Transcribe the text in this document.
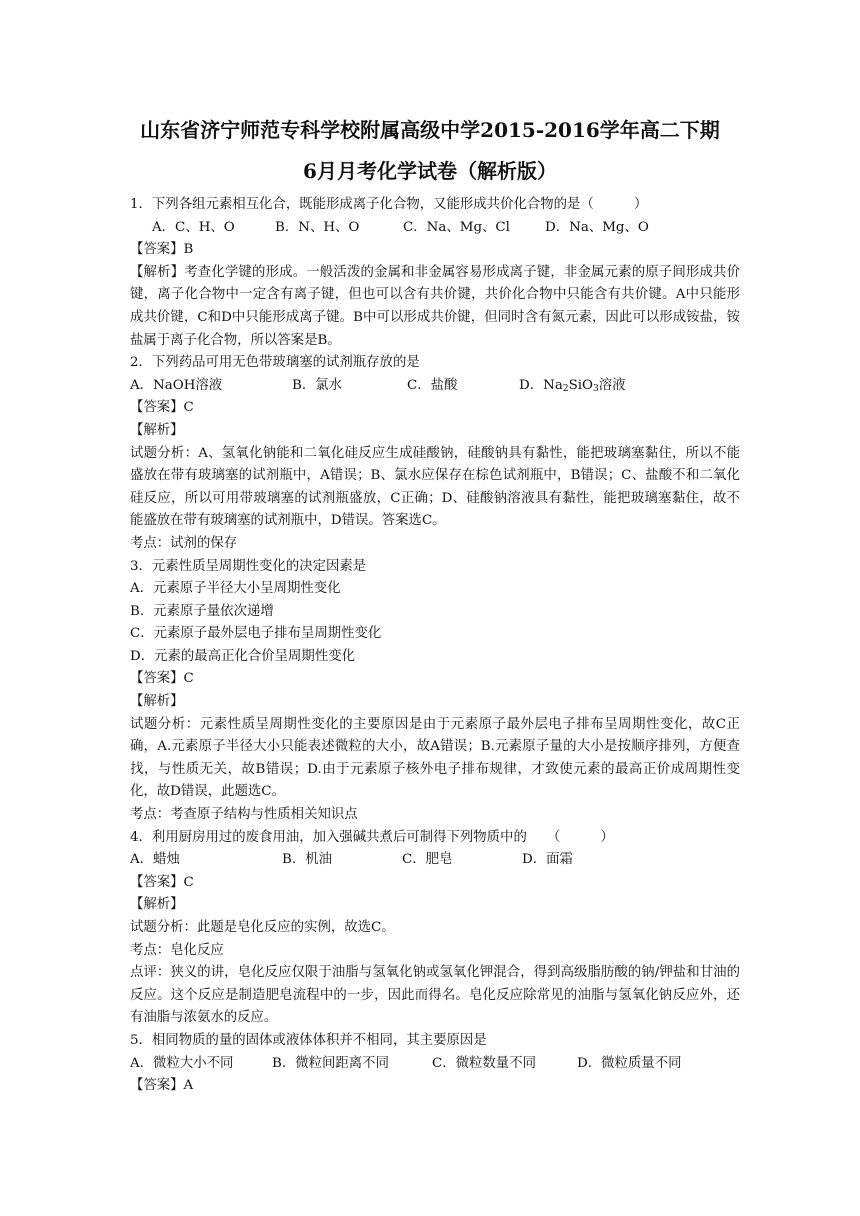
山东省济宁师范专科学校附属高级中学2015-2016学年高二下期
6月月考化学试卷（解析版）
1．下列各组元素相互化合，既能形成离子化合物，又能形成共价化合物的是（　　　）
A．C、H、O	B．N、H、O	C．Na、Mg、Cl	D．Na、Mg、O
【答案】B
【解析】考查化学键的形成。一般活泼的金属和非金属容易形成离子键，非金属元素的原子间形成共价键，离子化合物中一定含有离子键，但也可以含有共价键，共价化合物中只能含有共价键。A中只能形成共价键，C和D中只能形成离子键。B中可以形成共价键，但同时含有氮元素，因此可以形成铵盐，铵盐属于离子化合物，所以答案是B。
2．下列药品可用无色带玻璃塞的试剂瓶存放的是
A．NaOH溶液	B．氯水	C．盐酸	D．$Na_2SiO_3$溶液
【答案】C
【解析】
试题分析：A、氢氧化钠能和二氧化硅反应生成硅酸钠，硅酸钠具有黏性，能把玻璃塞黏住，所以不能盛放在带有玻璃塞的试剂瓶中，A错误；B、氯水应保存在棕色试剂瓶中，B错误；C、盐酸不和二氧化硅反应，所以可用带玻璃塞的试剂瓶盛放，C正确；D、硅酸钠溶液具有黏性，能把玻璃塞黏住，故不能盛放在带有玻璃塞的试剂瓶中，D错误。答案选C。
考点：试剂的保存
3．元素性质呈周期性变化的决定因素是
A．元素原子半径大小呈周期性变化
B．元素原子量依次递增
C．元素原子最外层电子排布呈周期性变化
D．元素的最高正化合价呈周期性变化
【答案】C
【解析】
试题分析：元素性质呈周期性变化的主要原因是由于元素原子最外层电子排布呈周期性变化，故C正确，A.元素原子半径大小只能表述微粒的大小，故A错误；B.元素原子量的大小是按顺序排列，方便查找，与性质无关，故B错误；D.由于元素原子核外电子排布规律，才致使元素的最高正价成周期性变化，故D错误，此题选C。
考点：考查原子结构与性质相关知识点
4．利用厨房用过的废食用油，加入强碱共煮后可制得下列物质中的　　（　　　）
A．蜡烛	B．机油	C．肥皂	D．面霜
【答案】C
【解析】
试题分析：此题是皂化反应的实例，故选C。
考点：皂化反应
点评：狭义的讲，皂化反应仅限于油脂与氢氧化钠或氢氧化钾混合，得到高级脂肪酸的钠/钾盐和甘油的反应。这个反应是制造肥皂流程中的一步，因此而得名。皂化反应除常见的油脂与氢氧化钠反应外，还有油脂与浓氨水的反应。
5．相同物质的量的固体或液体体积并不相同，其主要原因是
A．微粒大小不同	B．微粒间距离不同	C．微粒数量不同	D．微粒质量不同
【答案】A
